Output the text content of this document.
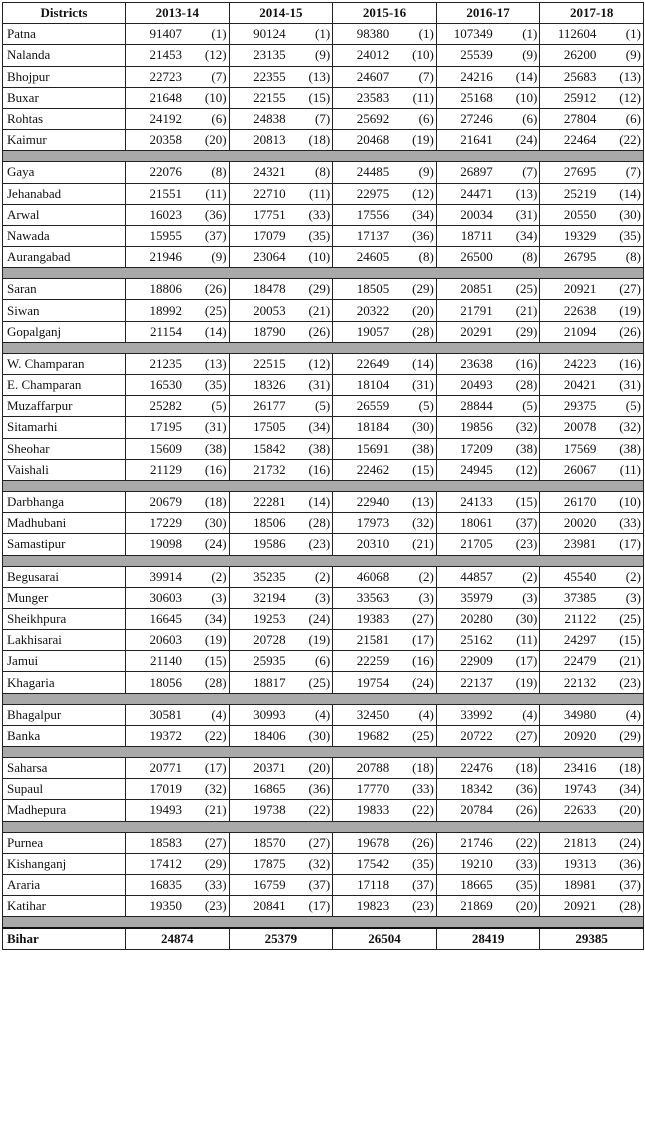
Districts	2013-14	2014-15	2015-16	2016-17	2017-18
Patna	91407 (1)	90124 (1)	98380 (1)	107349 (1)	112604 (1)

Nalanda	21453 (12)	23135 (9)	24012 (10)	25539 (9)	26200 (9)

Bhojpur	22723 (7)	22355 (13)	24607 (7)	24216 (14)	25683 (13)

Buxar	21648 (10)	22155 (15)	23583 (11)	25168 (10)	25912 (12)

Rohtas	24192 (6)	24838 (7)	25692 (6)	27246 (6)	27804 (6)

Kaimur	20358 (20)	20813 (18)	20468 (19)	21641 (24)	22464 (22)

Gaya	22076 (8)	24321 (8)	24485 (9)	26897 (7)	27695 (7)

Jehanabad	21551 (11)	22710 (11)	22975 (12)	24471 (13)	25219 (14)

Arwal	16023 (36)	17751 (33)	17556 (34)	20034 (31)	20550 (30)

Nawada	15955 (37)	17079 (35)	17137 (36)	18711 (34)	19329 (35)

Aurangabad	21946 (9)	23064 (10)	24605 (8)	26500 (8)	26795 (8)

Saran	18806 (26)	18478 (29)	18505 (29)	20851 (25)	20921 (27)

Siwan	18992 (25)	20053 (21)	20322 (20)	21791 (21)	22638 (19)

Gopalganj	21154 (14)	18790 (26)	19057 (28)	20291 (29)	21094 (26)

W. Champaran	21235 (13)	22515 (12)	22649 (14)	23638 (16)	24223 (16)

E. Champaran	16530 (35)	18326 (31)	18104 (31)	20493 (28)	20421 (31)

Muzaffarpur	25282 (5)	26177 (5)	26559 (5)	28844 (5)	29375 (5)

Sitamarhi	17195 (31)	17505 (34)	18184 (30)	19856 (32)	20078 (32)

Sheohar	15609 (38)	15842 (38)	15691 (38)	17209 (38)	17569 (38)

Vaishali	21129 (16)	21732 (16)	22462 (15)	24945 (12)	26067 (11)

Darbhanga	20679 (18)	22281 (14)	22940 (13)	24133 (15)	26170 (10)

Madhubani	17229 (30)	18506 (28)	17973 (32)	18061 (37)	20020 (33)

Samastipur	19098 (24)	19586 (23)	20310 (21)	21705 (23)	23981 (17)

Begusarai	39914 (2)	35235 (2)	46068 (2)	44857 (2)	45540 (2)

Munger	30603 (3)	32194 (3)	33563 (3)	35979 (3)	37385 (3)

Sheikhpura	16645 (34)	19253 (24)	19383 (27)	20280 (30)	21122 (25)

Lakhisarai	20603 (19)	20728 (19)	21581 (17)	25162 (11)	24297 (15)

Jamui	21140 (15)	25935 (6)	22259 (16)	22909 (17)	22479 (21)

Khagaria	18056 (28)	18817 (25)	19754 (24)	22137 (19)	22132 (23)

Bhagalpur	30581 (4)	30993 (4)	32450 (4)	33992 (4)	34980 (4)

Banka	19372 (22)	18406 (30)	19682 (25)	20722 (27)	20920 (29)

Saharsa	20771 (17)	20371 (20)	20788 (18)	22476 (18)	23416 (18)

Supaul	17019 (32)	16865 (36)	17770 (33)	18342 (36)	19743 (34)

Madhepura	19493 (21)	19738 (22)	19833 (22)	20784 (26)	22633 (20)

Purnea	18583 (27)	18570 (27)	19678 (26)	21746 (22)	21813 (24)

Kishanganj	17412 (29)	17875 (32)	17542 (35)	19210 (33)	19313 (36)

Araria	16835 (33)	16759 (37)	17118 (37)	18665 (35)	18981 (37)

Katihar	19350 (23)	20841 (17)	19823 (23)	21869 (20)	20921 (28)

Bihar	24874	25379	26504	28419	29385
